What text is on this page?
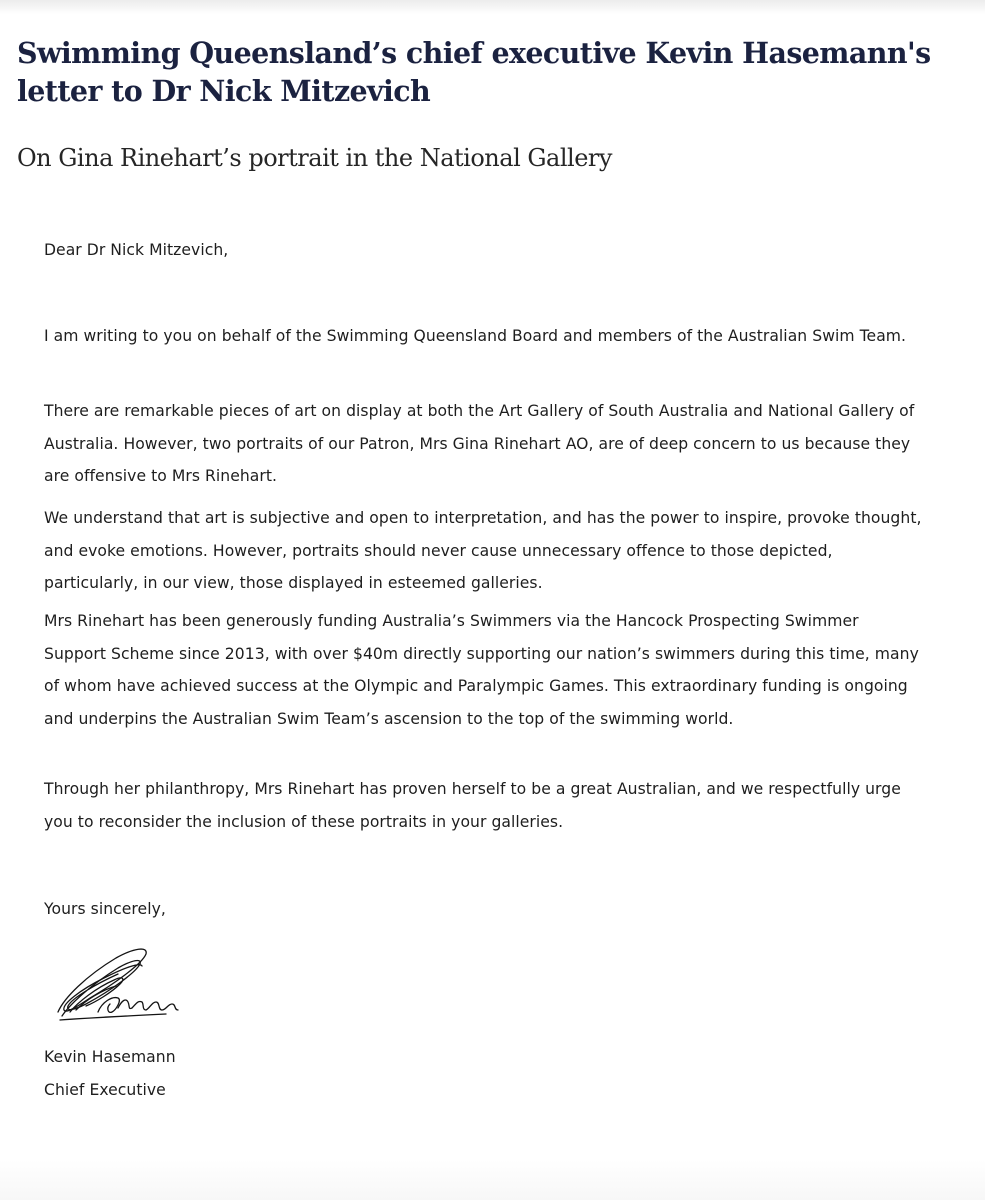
Swimming Queensland’s chief executive Kevin Hasemann's letter to Dr Nick Mitzevich
On Gina Rinehart’s portrait in the National Gallery

Dear Dr Nick Mitzevich,

I am writing to you on behalf of the Swimming Queensland Board and members of the Australian Swim Team.

There are remarkable pieces of art on display at both the Art Gallery of South Australia and National Gallery of Australia. However, two portraits of our Patron, Mrs Gina Rinehart AO, are of deep concern to us because they are offensive to Mrs Rinehart.

We understand that art is subjective and open to interpretation, and has the power to inspire, provoke thought, and evoke emotions. However, portraits should never cause unnecessary offence to those depicted, particularly, in our view, those displayed in esteemed galleries.

Mrs Rinehart has been generously funding Australia’s Swimmers via the Hancock Prospecting Swimmer Support Scheme since 2013, with over $40m directly supporting our nation’s swimmers during this time, many of whom have achieved success at the Olympic and Paralympic Games. This extraordinary funding is ongoing and underpins the Australian Swim Team’s ascension to the top of the swimming world.

Through her philanthropy, Mrs Rinehart has proven herself to be a great Australian, and we respectfully urge you to reconsider the inclusion of these portraits in your galleries.

Yours sincerely,

Kevin Hasemann

Chief Executive
